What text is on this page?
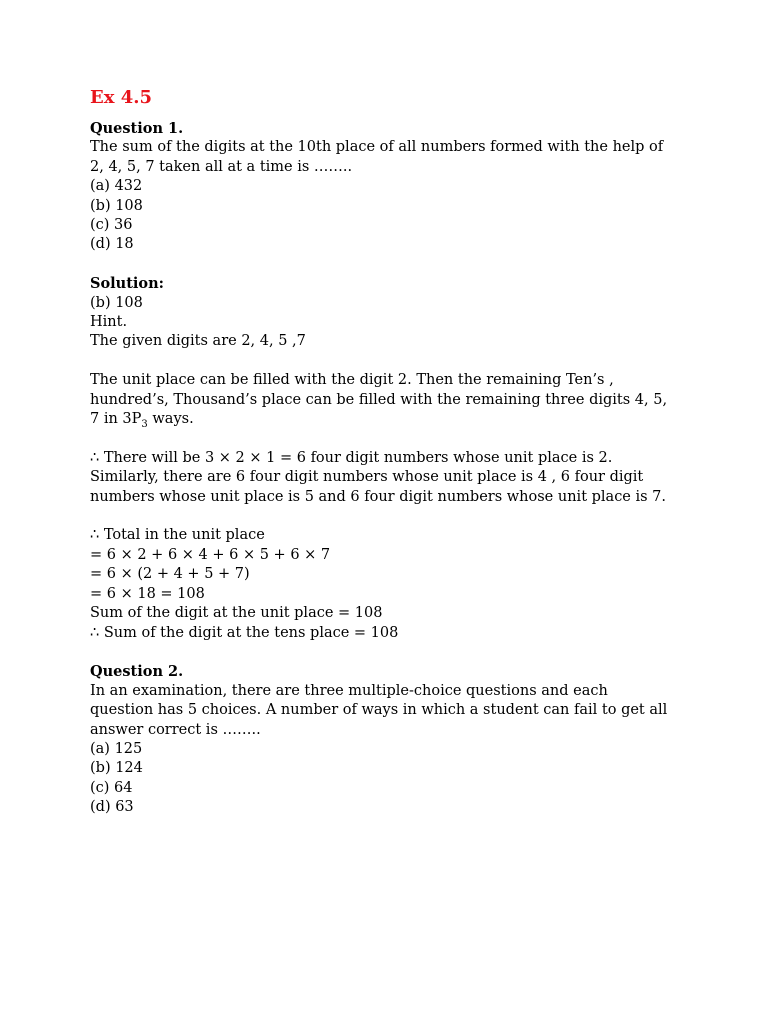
Ex 4.5
Question 1.
The sum of the digits at the 10th place of all numbers formed with the help of
2, 4, 5, 7 taken all at a time is ……..
(a) 432
(b) 108
(c) 36
(d) 18
Solution:
(b) 108
Hint.
The given digits are 2, 4, 5 ,7
The unit place can be filled with the digit 2. Then the remaining Ten’s ,
hundred’s, Thousand’s place can be filled with the remaining three digits 4, 5,
7 in $3P_3$ ways.
∴ There will be 3 × 2 × 1 = 6 four digit numbers whose unit place is 2.
Similarly, there are 6 four digit numbers whose unit place is 4 , 6 four digit
numbers whose unit place is 5 and 6 four digit numbers whose unit place is 7.
∴ Total in the unit place
= 6 × 2 + 6 × 4 + 6 × 5 + 6 × 7
= 6 × (2 + 4 + 5 + 7)
= 6 × 18 = 108
Sum of the digit at the unit place = 108
∴ Sum of the digit at the tens place = 108
Question 2.
In an examination, there are three multiple-choice questions and each
question has 5 choices. A number of ways in which a student can fail to get all
answer correct is ……..
(a) 125
(b) 124
(c) 64
(d) 63
